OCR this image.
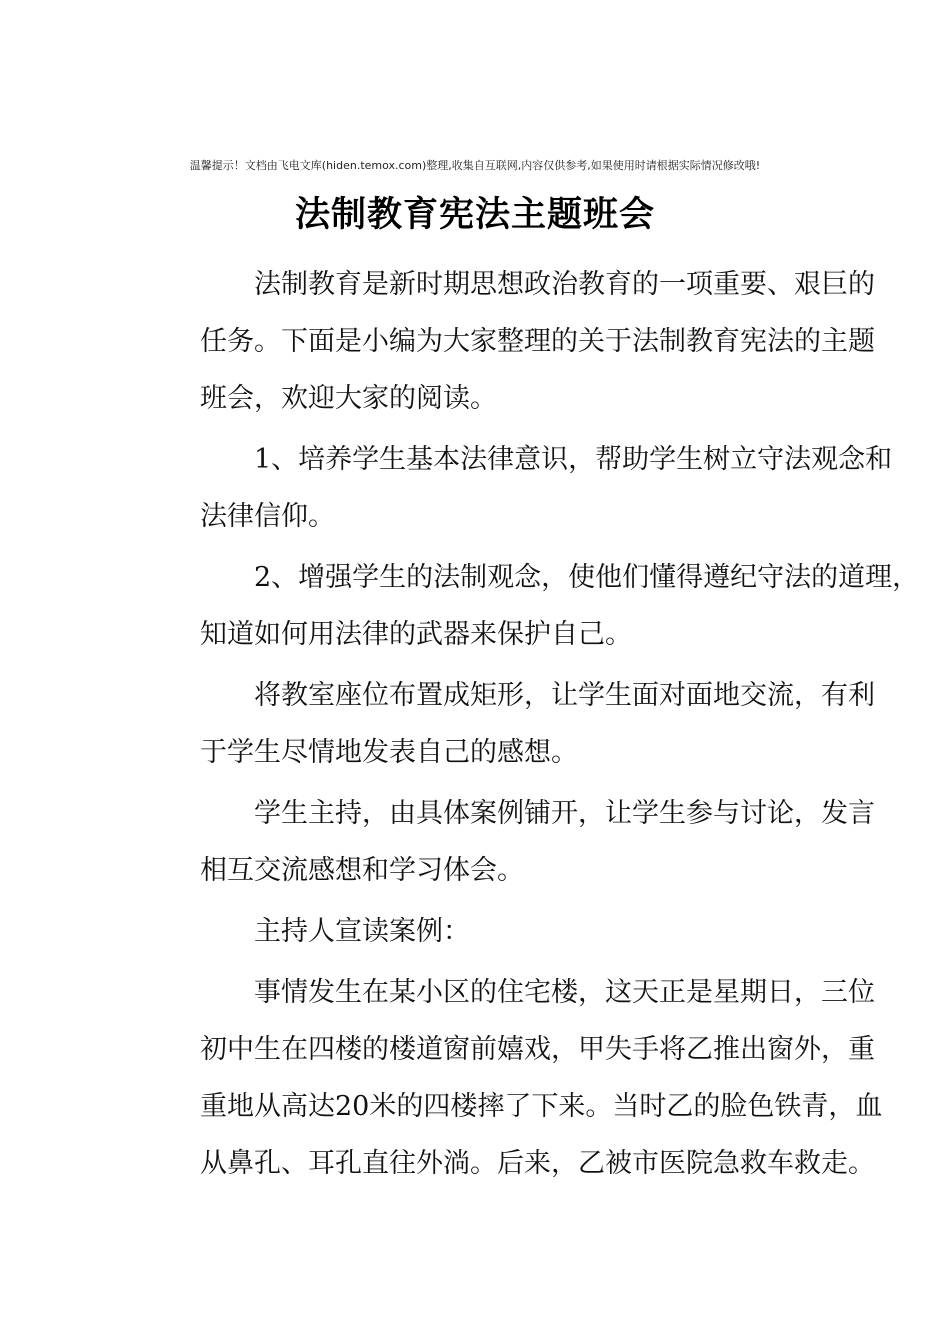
温馨提示！文档由飞电文库(hiden.temox.com)整理,收集自互联网,内容仅供参考,如果使用时请根据实际情况修改哦!
法制教育宪法主题班会
法制教育是新时期思想政治教育的一项重要、艰巨的
任务。下面是小编为大家整理的关于法制教育宪法的主题
班会，欢迎大家的阅读。
1、培养学生基本法律意识，帮助学生树立守法观念和
法律信仰。
2、增强学生的法制观念，使他们懂得遵纪守法的道理，
知道如何用法律的武器来保护自己。
将教室座位布置成矩形，让学生面对面地交流，有利
于学生尽情地发表自己的感想。
学生主持，由具体案例铺开，让学生参与讨论，发言
相互交流感想和学习体会。
主持人宣读案例：
事情发生在某小区的住宅楼，这天正是星期日，三位
初中生在四楼的楼道窗前嬉戏，甲失手将乙推出窗外，重
重地从高达20米的四楼摔了下来。当时乙的脸色铁青，血
从鼻孔、耳孔直往外淌。后来，乙被市医院急救车救走。
